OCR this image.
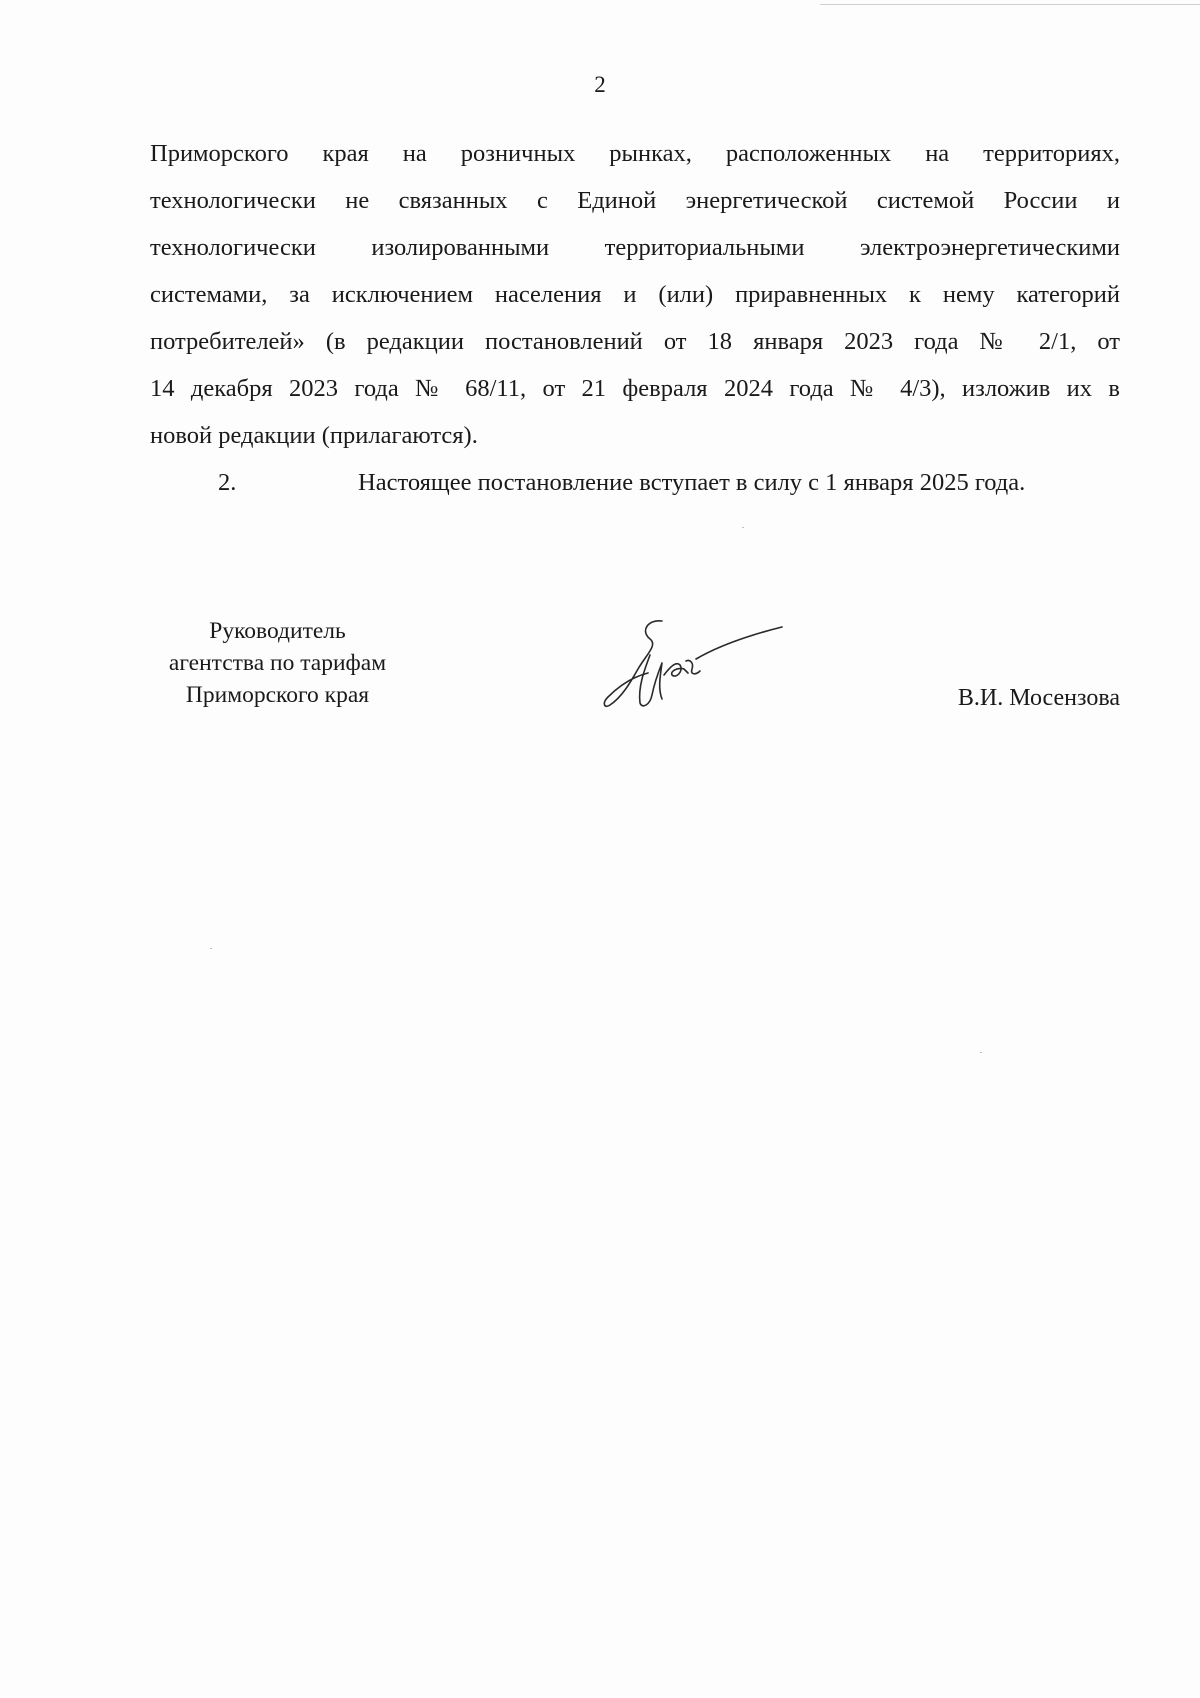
2

Приморского края на розничных рынках, расположенных на территориях,
технологически не связанных с Единой энергетической системой России и
технологически изолированными территориальными электроэнергетическими
системами, за исключением населения и (или) приравненных к нему категорий
потребителей» (в редакции постановлений от 18 января 2023 года № 2/1, от
14 декабря 2023 года № 68/11, от 21 февраля 2024 года № 4/3), изложив их в
новой редакции (прилагаются).

2.	Настоящее постановление вступает в силу с 1 января 2025 года.

Руководитель
агентства по тарифам
Приморского края	В.И. Мосензова
